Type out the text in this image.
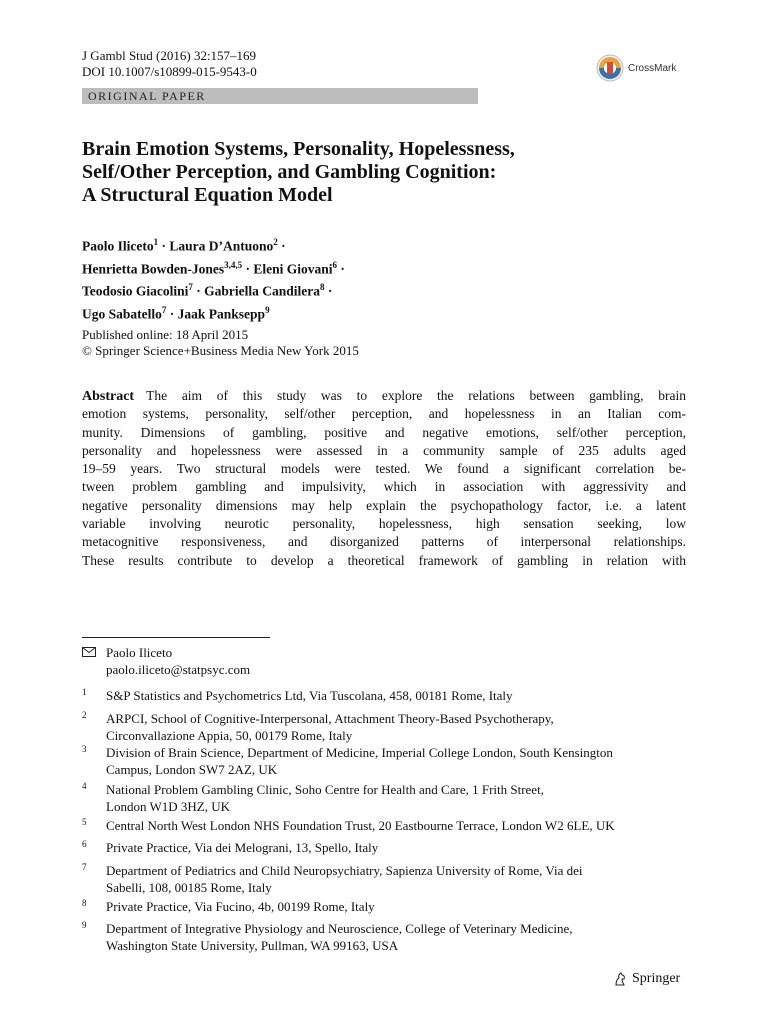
J Gambl Stud (2016) 32:157–169
DOI 10.1007/s10899-015-9543-0	CrossMark
ORIGINAL PAPER
Brain Emotion Systems, Personality, Hopelessness,
Self/Other Perception, and Gambling Cognition:
A Structural Equation Model
Paolo Iliceto$^1$ · Laura D’Antuono$^2$ ·
Henrietta Bowden-Jones$^{3,4,5}$ · Eleni Giovani$^6$ ·
Teodosio Giacolini$^7$ · Gabriella Candilera$^8$ ·
Ugo Sabatello$^7$ · Jaak Panksepp$^9$
Published online: 18 April 2015
© Springer Science+Business Media New York 2015
Abstract The aim of this study was to explore the relations between gambling, brain
emotion systems, personality, self/other perception, and hopelessness in an Italian com-
munity. Dimensions of gambling, positive and negative emotions, self/other perception,
personality and hopelessness were assessed in a community sample of 235 adults aged
19–59 years. Two structural models were tested. We found a significant correlation be-
tween problem gambling and impulsivity, which in association with aggressivity and
negative personality dimensions may help explain the psychopathology factor, i.e. a latent
variable involving neurotic personality, hopelessness, high sensation seeking, low
metacognitive responsiveness, and disorganized patterns of interpersonal relationships.
These results contribute to develop a theoretical framework of gambling in relation with
Paolo Iliceto
paolo.iliceto@statpsyc.com
1 S&P Statistics and Psychometrics Ltd, Via Tuscolana, 458, 00181 Rome, Italy
2 ARPCI, School of Cognitive-Interpersonal, Attachment Theory-Based Psychotherapy,
Circonvallazione Appia, 50, 00179 Rome, Italy
3 Division of Brain Science, Department of Medicine, Imperial College London, South Kensington
Campus, London SW7 2AZ, UK
4 National Problem Gambling Clinic, Soho Centre for Health and Care, 1 Frith Street,
London W1D 3HZ, UK
5 Central North West London NHS Foundation Trust, 20 Eastbourne Terrace, London W2 6LE, UK
6 Private Practice, Via dei Melograni, 13, Spello, Italy
7 Department of Pediatrics and Child Neuropsychiatry, Sapienza University of Rome, Via dei
Sabelli, 108, 00185 Rome, Italy
8 Private Practice, Via Fucino, 4b, 00199 Rome, Italy
9 Department of Integrative Physiology and Neuroscience, College of Veterinary Medicine,
Washington State University, Pullman, WA 99163, USA
Springer
